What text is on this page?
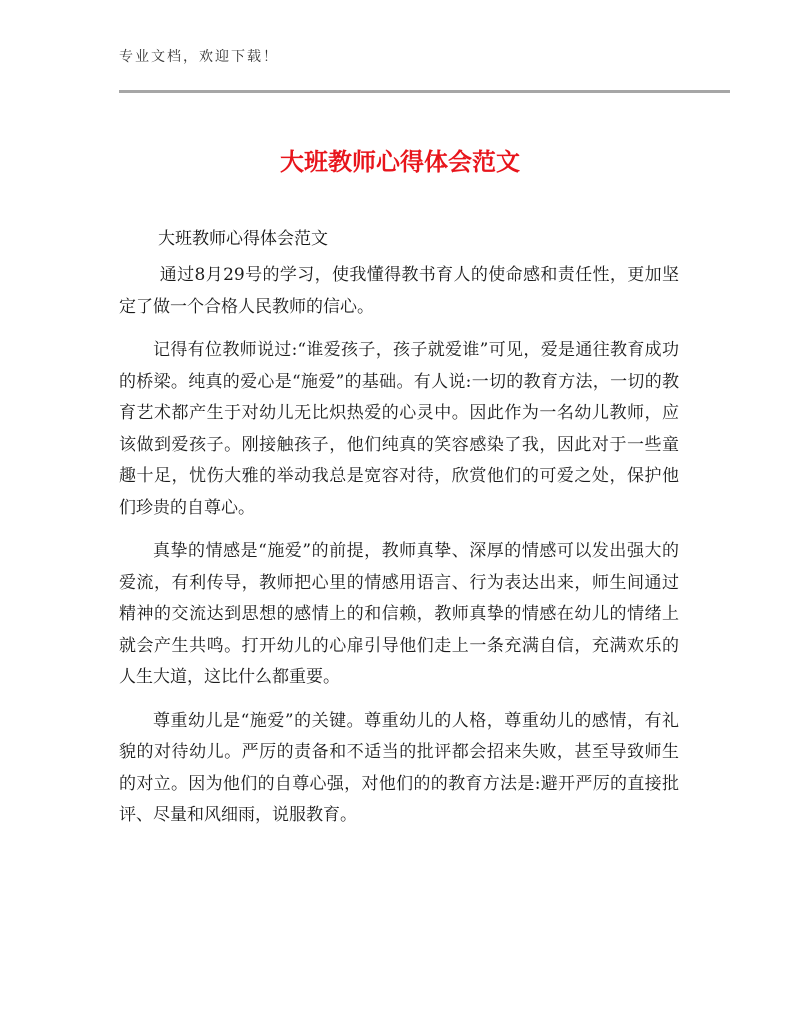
专业文档，欢迎下载！
大班教师心得体会范文
大班教师心得体会范文

通过8月29号的学习，使我懂得教书育人的使命感和责任性，更加坚定了做一个合格人民教师的信心。

记得有位教师说过:“谁爱孩子，孩子就爱谁”可见，爱是通往教育成功的桥梁。纯真的爱心是“施爱”的基础。有人说:一切的教育方法，一切的教育艺术都产生于对幼儿无比炽热爱的心灵中。因此作为一名幼儿教师，应该做到爱孩子。刚接触孩子，他们纯真的笑容感染了我，因此对于一些童趣十足，忧伤大雅的举动我总是宽容对待，欣赏他们的可爱之处，保护他们珍贵的自尊心。

真挚的情感是“施爱”的前提，教师真挚、深厚的情感可以发出强大的爱流，有利传导，教师把心里的情感用语言、行为表达出来，师生间通过精神的交流达到思想的感情上的和信赖，教师真挚的情感在幼儿的情绪上就会产生共鸣。打开幼儿的心扉引导他们走上一条充满自信，充满欢乐的人生大道，这比什么都重要。

尊重幼儿是“施爱”的关键。尊重幼儿的人格，尊重幼儿的感情，有礼貌的对待幼儿。严厉的责备和不适当的批评都会招来失败，甚至导致师生的对立。因为他们的自尊心强，对他们的的教育方法是:避开严厉的直接批评、尽量和风细雨，说服教育。
